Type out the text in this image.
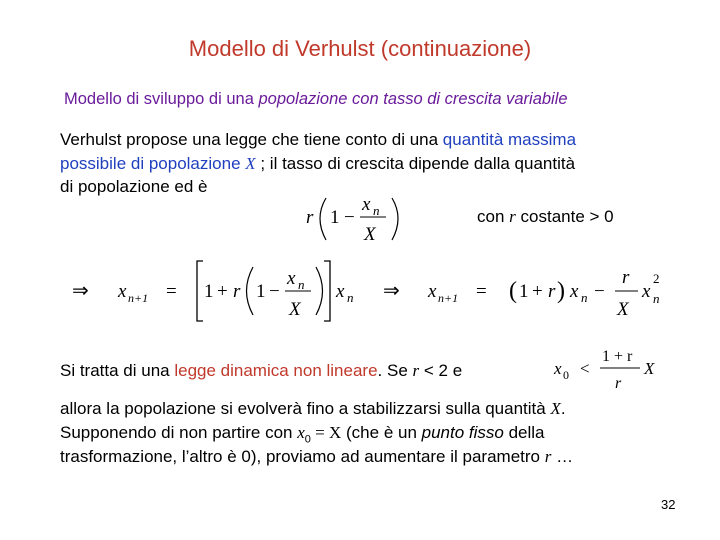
Modello di Verhulst (continuazione)
Modello di sviluppo di una popolazione con tasso di crescita variabile
Verhulst propose una legge che tiene conto di una quantità massima
possibile di popolazione X ; il tasso di crescita dipende dalla quantità
di popolazione ed è
r 1 −
x n
X
con r costante > 0
⇒ x n+1 = 1 + r 1 −
x n
X
x n ⇒ x n+1 = ( 1 + r ) x n −
r
X
x n
2
Si tratta di una legge dinamica non lineare. Se r < 2 e	x 0 <
1 + r
r
X
allora la popolazione si evolverà fino a stabilizzarsi sulla quantità X.
Supponendo di non partire con $x_0 = X$ (che è un punto fisso della
trasformazione, l’altro è 0), proviamo ad aumentare il parametro r …
32
